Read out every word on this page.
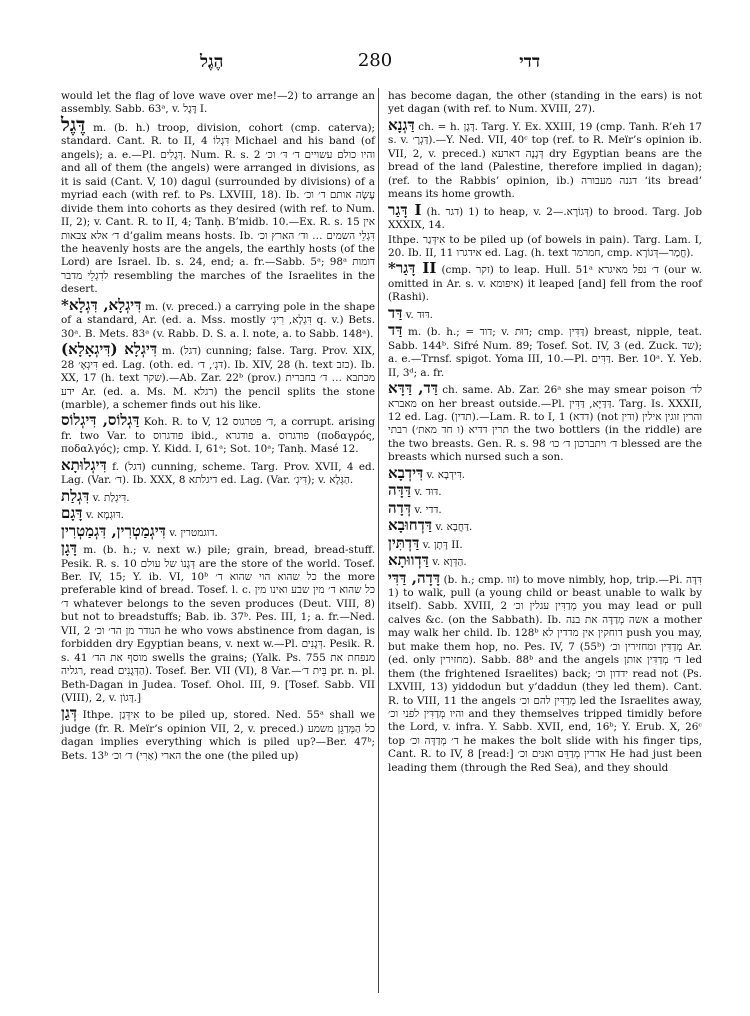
הֶגֶל	280	דדי

would let the flag of love wave over me!—2) to arrange an assembly. Sabb. 63ᵃ, v. דֶּגֶל I.

דֶּגֶל m. (b. h.) troop, division, cohort (cmp. caterva); standard. Cant. R. to II, 4 דִּגְלוֹ Michael and his band (of angels); a. e.—Pl. דְּגָלִים. Num. R. s. 2 והיו כולם עשויים ד׳ דּ׳ וכ׳ and all of them (the angels) were arranged in divisions, as it is said (Cant. V, 10) dagul (surrounded by divisions) of a myriad each (with ref. to Ps. LXVIII, 18). Ib. עָשָׂה אותם ד׳ וכ׳ divide them into cohorts as they desired (with ref. to Num. II, 2); v. Cant. R. to II, 4; Tanḥ. B’midb. 10.—Ex. R. s. 15 אין ד׳ אלא צבאות d’galim means hosts. Ib. דִּגְלֵי השמים … וד׳ הארץ וכ׳ the heavenly hosts are the angels, the earthly hosts (of the Lord) are Israel. Ib. s. 24, end; a. fr.—Sabb. 5ᵃ; 98ᵃ דומות לדִגְלֵי מדבר resembling the marches of the Israelites in the desert.

*דִּיגְלָא, דִּגְלָא m. (v. preced.) a carrying pole in the shape of a standard, Ar. (ed. a. Mss. mostly דִּגְלָא, רִיגְ׳ q. v.) Bets. 30ᵃ. B. Mets. 83ᵃ (v. Rabb. D. S. a. l. note, a. to Sabb. 148ᵃ).

דִּיגְלָא (דִּיגְאָלָא) m. (דגל) cunning; false. Targ. Prov. XIX, 28 דִּיגְאָ׳ ed. Lag. (oth. ed. דּגְ׳, ד׳). Ib. XIV, 28 (h. text כזב). Ib. XX, 17 (h. text שקר).—Ab. Zar. 22ᵇ (prov.) מכתבא … ד׳ בחברית ידע Ar. (ed. a. Ms. M. רגלא) the pencil splits the stone (marble), a schemer finds out his like.

דַּגְלוֹס, דִּיגְלוֹס Koh. R. to V, 12 ד׳ פטרגוס, a corrupt. arising fr. two Var. to פודגרוס ibid., פודגרא a. פודגרוס (ποδαγρός, ποδαλγός); cmp. Y. Kidd. I, 61ᵃ; Sot. 10ᵃ; Tanḥ. Masé 12.

דִּיגְלוּתָא f. (דגל) cunning, scheme. Targ. Prov. XVII, 4 ed. Lag. (Var. ד׳). Ib. XXX, 8 דיגלתא ed. Lag. (Var. דִּיגְ׳); v. הַגְּלָא.

דִּגְלַת v. דִּיגְלַת.

דָּגָם v. דּוּגְמָא.

דִּיגְמַטְרִין, דִּגְמַטְרִין v. דוגמטרין.

דָּגָן m. (b. h.; v. next w.) pile; grain, bread, bread-stuff. Pesik. R. s. 10 דְּגָנוֹ של עולם are the store of the world. Tosef. Ber. IV, 15; Y. ib. VI, 10ᵇ כל שהוא הוי שהוא ד׳ the more preferable kind of bread. Tosef. l. c. כל שהוא ד׳ מין שבע ואינו מין ד׳ whatever belongs to the seven produces (Deut. VIII, 8) but not to breadstuffs; Bab. ib. 37ᵇ. Pes. III, 1; a. fr.—Ned. VII, 2 הנודר מן הד׳ וכ׳ he who vows abstinence from dagan, is forbidden dry Egyptian beans, v. next w.—Pl. דְּגָנִים. Pesik. R. s. 41 מוסף את הד׳ swells the grains; (Yalk. Ps. 755 מנפחת את רגליה, read הַדְּגָנִים). Tosef. Ber. VII (VI), 8 Var.—בֵּית ד׳ pr. n. pl. Beth-Dagan in Judea. Tosef. Ohol. III, 9. [Tosef. Sabb. VII (VIII), 2, v. דָּגוֹן.]

דְּגַן Ithpe. אִידְּגַן to be piled up, stored. Ned. 55ᵃ shall we judge (fr. R. Meïr’s opinion VII, 2, v. preced.) כל הַמְּדַגֵּן משמע dagan implies everything which is piled up?—Ber. 47ᵇ; Bets. 13ᵇ הארי (אַרִי) ד׳ וכ׳ the one (the piled up)

has become dagan, the other (standing in the ears) is not yet dagan (with ref. to Num. XVIII, 27).

דַּגְנָא ch. = h. דָּגָן. Targ. Y. Ex. XXIII, 19 (cmp. Tanh. R’eh 17 s. v. דַּגְרָ׳).—Y. Ned. VII, 40ᶜ top (ref. to R. Meïr’s opinion ib. VII, 2, v. preced.) דְּגָנָה דארעא dry Egyptian beans are the bread of the land (Palestine, therefore implied in dagan); (ref. to the Rabbis’ opinion, ib.) דגנה מעבורה ‘its bread’ means its home growth.

דָּגַר I (h. דגר) 1) to heap, v. דְּגוֹרָא.—2) to brood. Targ. Job XXXIX, 14.

Ithpe. אִידְּגַר to be piled up (of bowels in pain). Targ. Lam. I, 20. Ib. II, 11 אידגרו ed. Lag. (h. text חמרמר, cmp. חֲמַר—דְּגוֹרָא).

*דָּגַר II (cmp. זקר) to leap. Hull. 51ᵃ ד׳ נפל מאיגרא (our w. omitted in Ar. s. v. איפומא) it leaped [and] fell from the roof (Rashi).

דַּד v. דּוּד.

דַּד m. (b. h.; = דוד; v. דוּת; cmp. דַּדִּין) breast, nipple, teat. Sabb. 144ᵇ. Sifré Num. 89; Tosef. Sot. IV, 3 (ed. Zuck. שד); a. e.—Trnsf. spigot. Yoma III, 10.—Pl. דַּדִּים. Ber. 10ᵃ. Y. Yeb. II, 3ᵈ; a. fr.

דַּד, דַּדָּא ch. same. Ab. Zar. 26ᵃ she may smear poison לד׳ מאברא on her breast outside.—Pl. דַּדַּיָּא, דַּדִּין. Targ. Is. XXXII, 12 ed. Lag. (תדין).—Lam. R. to I, 1 (דדא) (not ודין) והרין זוגין אילין תרין דדיא (ו חד מאת׳) רבתי the two bottlers (in the riddle) are the two breasts. Gen. R. s. 98 ד׳ ויתברכון ד׳ כו׳ blessed are the breasts which nursed such a son.

דִּידְבָא v. דִּידְבָא.

דַּדָּה v. דּוּד.

דְּדָה v. דדי.

דַּדְחוּבָא v. דַּחֲבָא.

דַּדְתִּין v. דָּתָן II.

דַּדְווּתָא v. הַדְּוָא.

דָּדָה, דַּדִּי (b. h.; cmp. זוו) to move nimbly, hop, trip.—Pi. דִּדָּה 1) to walk, pull (a young child or beast unable to walk by itself). Sabb. XVIII, 2 מְדַדִּין עגלין וכ׳ you may lead or pull calves &c. (on the Sabbath). Ib. אשה מְדַדָּה את בנה a mother may walk her child. Ib. 128ᵇ דוחקין אין מדדין לא push you may, but make them hop, no. Pes. IV, 7 (55ᵇ) מְדַדִּין ומחזירין וכ׳ Ar. (ed. only מחזירין). Sabb. 88ᵇ and the angels ד׳ מְדַדִּין אותן led them (the frightened Israelites) back; ידדון וכ׳ read not (Ps. LXVIII, 13) yiddodun but y’daddun (they led them). Cant. R. to VIII, 11 the angels מְדַדִּין להם וכ׳ led the Israelites away, והיו מְדַדִּין לפני וכ׳ and they themselves tripped timidly before the Lord, v. infra. Y. Sabb. XVII, end, 16ᵇ; Y. Erub. X, 26ᶜ top ד׳ מְדַדָּה וכ׳ he makes the bolt slide with his finger tips, Cant. R. to IV, 8 [read:] אדרין מְדַדֵּם ואנים וכ׳ He had just been leading them (through the Red Sea), and they should
